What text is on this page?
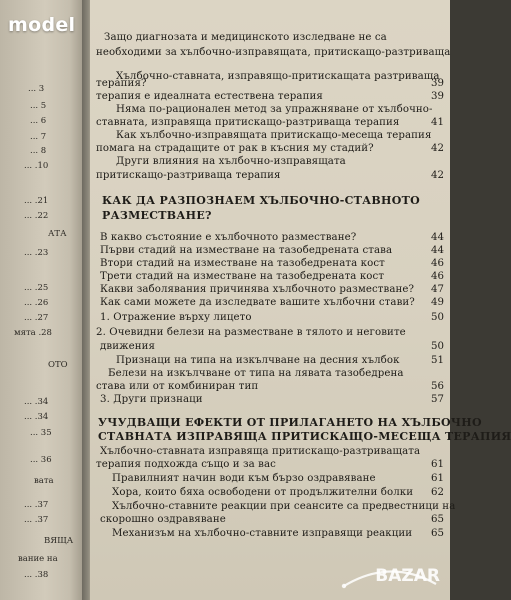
... 3
... 5
... 6
... 7
... 8
... .10
... .21
... .22
АТА
... .23
... .25
... .26
... .27
мята .28
ОТО
... .34
... .34
... 35
... 36
вата
... .37
... .37
ВЯЩА
вание на
... .38
Защо диагнозата и медицинското изследване не са
необходими за хълбочно-изправящата, притискащо-разтриваща
терапия?	39
Хълбочно-ставната, изправящо-притискащата разтриваща
терапия е идеалната естествена терапия	39
Няма по-рационален метод за упражняване от хълбочно-
ставната, изправяща притискащо-разтриваща терапия	41
Как хълбочно-изправящата притискащо-месеща терапия
помага на страдащите от рак в късния му стадий?	42
Други влияния на хълбочно-изправящата
притискащо-разтриваща терапия	42
КАК ДА РАЗПОЗНАЕМ ХЪЛБОЧНО-СТАВНОТО
РАЗМЕСТВАНЕ?
В какво състояние е хълбочното разместване?	44
Първи стадий на изместване на тазобедрената става	44
Втори стадий на изместване на тазобедрената кост	46
Трети стадий на изместване на тазобедрената кост	46
Какви заболявания причинява хълбочното разместване?	47
Как сами можете да изследвате вашите хълбочни стави?	49
1. Отражение върху лицето	50
2. Очевидни белези на разместване в тялото и неговите
движения	50
Признаци на типа на изкълчване на десния хълбок	51
Белези на изкълчване от типа на лявата тазобедрена
става или от комбиниран тип	56
3. Други признаци	57
УЧУДВАЩИ ЕФЕКТИ ОТ ПРИЛАГАНЕТО НА ХЪЛБОЧНО
СТАВНАТА ИЗПРАВЯЩА ПРИТИСКАЩО-МЕСЕЩА ТЕРАПИЯ
Хълбочно-ставната изправяща притискащо-разтриващата
терапия подхожда също и за вас	61
Правилният начин води към бързо оздравяване	61
Хора, които бяха освободени от продължителни болки	62
Хълбочно-ставните реакции при сеансите са предвестници на
скорошно оздравяване	65
Механизъм на хълбочно-ставните изправящи реакции	65
model
BAZAR
